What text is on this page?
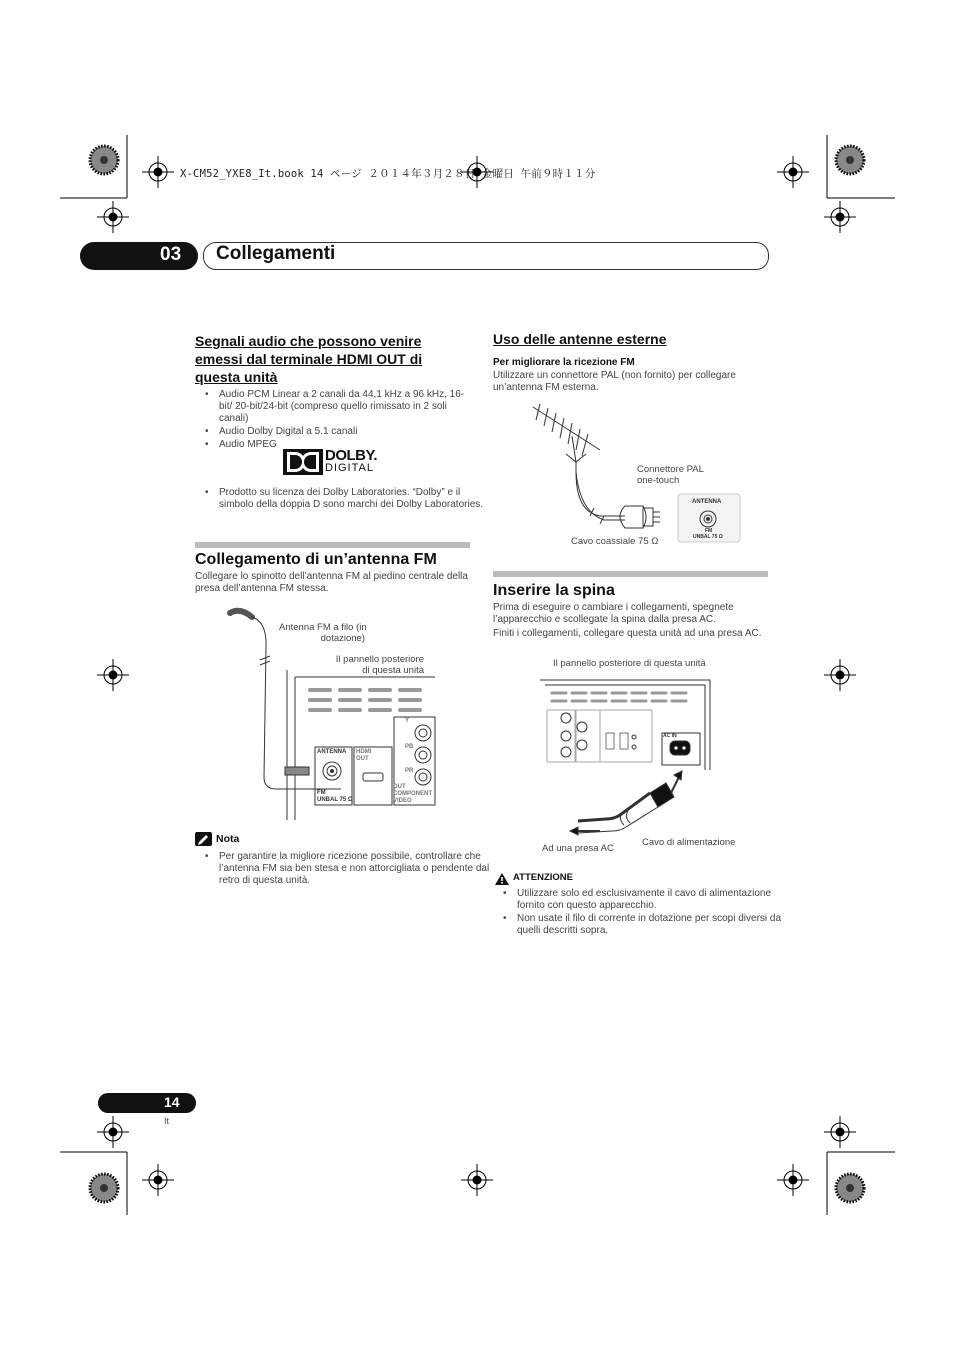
X-CM52_YXE8_It.book 14 ページ ２０１４年３月２８日 金曜日 午前９時１１分
03 Collegamenti
Segnali audio che possono venire
emessi dal terminale HDMI OUT di
questa unità
• Audio PCM Linear a 2 canali da 44,1 kHz a 96 kHz, 16-bit/ 20-bit/24-bit (compreso quello rimissato in 2 soli canali)
• Audio Dolby Digital a 5.1 canali
• Audio MPEG
DOLBY.
DIGITAL
• Prodotto su licenza dei Dolby Laboratories. “Dolby” e il simbolo della doppia D sono marchi dei Dolby Laboratories.
Collegamento di un’antenna FM
Collegare lo spinotto dell’antenna FM al piedino centrale della presa dell’antenna FM stessa.
Antenna FM a filo (in
dotazione)
Il pannello posteriore
di questa unità
ANTENNA
FM
UNBAL 75 Ω
HDMI
OUT
OUT
COMPONENT
VIDEO
Y
PB
PR
Nota
• Per garantire la migliore ricezione possibile, controllare che l’antenna FM sia ben stesa e non attorcigliata o pendente dal retro di questa unità.
Uso delle antenne esterne
Per migliorare la ricezione FM
Utilizzare un connettore PAL (non fornito) per collegare un’antenna FM esterna.
Connettore PAL
one-touch
Cavo coassiale 75 Ω
ANTENNA
FM
UNBAL 75 Ω
Inserire la spina
Prima di eseguire o cambiare i collegamenti, spegnete l’apparecchio e scollegate la spina dalla presa AC.
Finiti i collegamenti, collegare questa unità ad una presa AC.
Il pannello posteriore di questa unità
Ad una presa AC
Cavo di alimentazione
AC IN
ATTENZIONE
• Utilizzare solo ed esclusivamente il cavo di alimentazione fornito con questo apparecchio.
• Non usate il filo di corrente in dotazione per scopi diversi da quelli descritti sopra.
14
It
